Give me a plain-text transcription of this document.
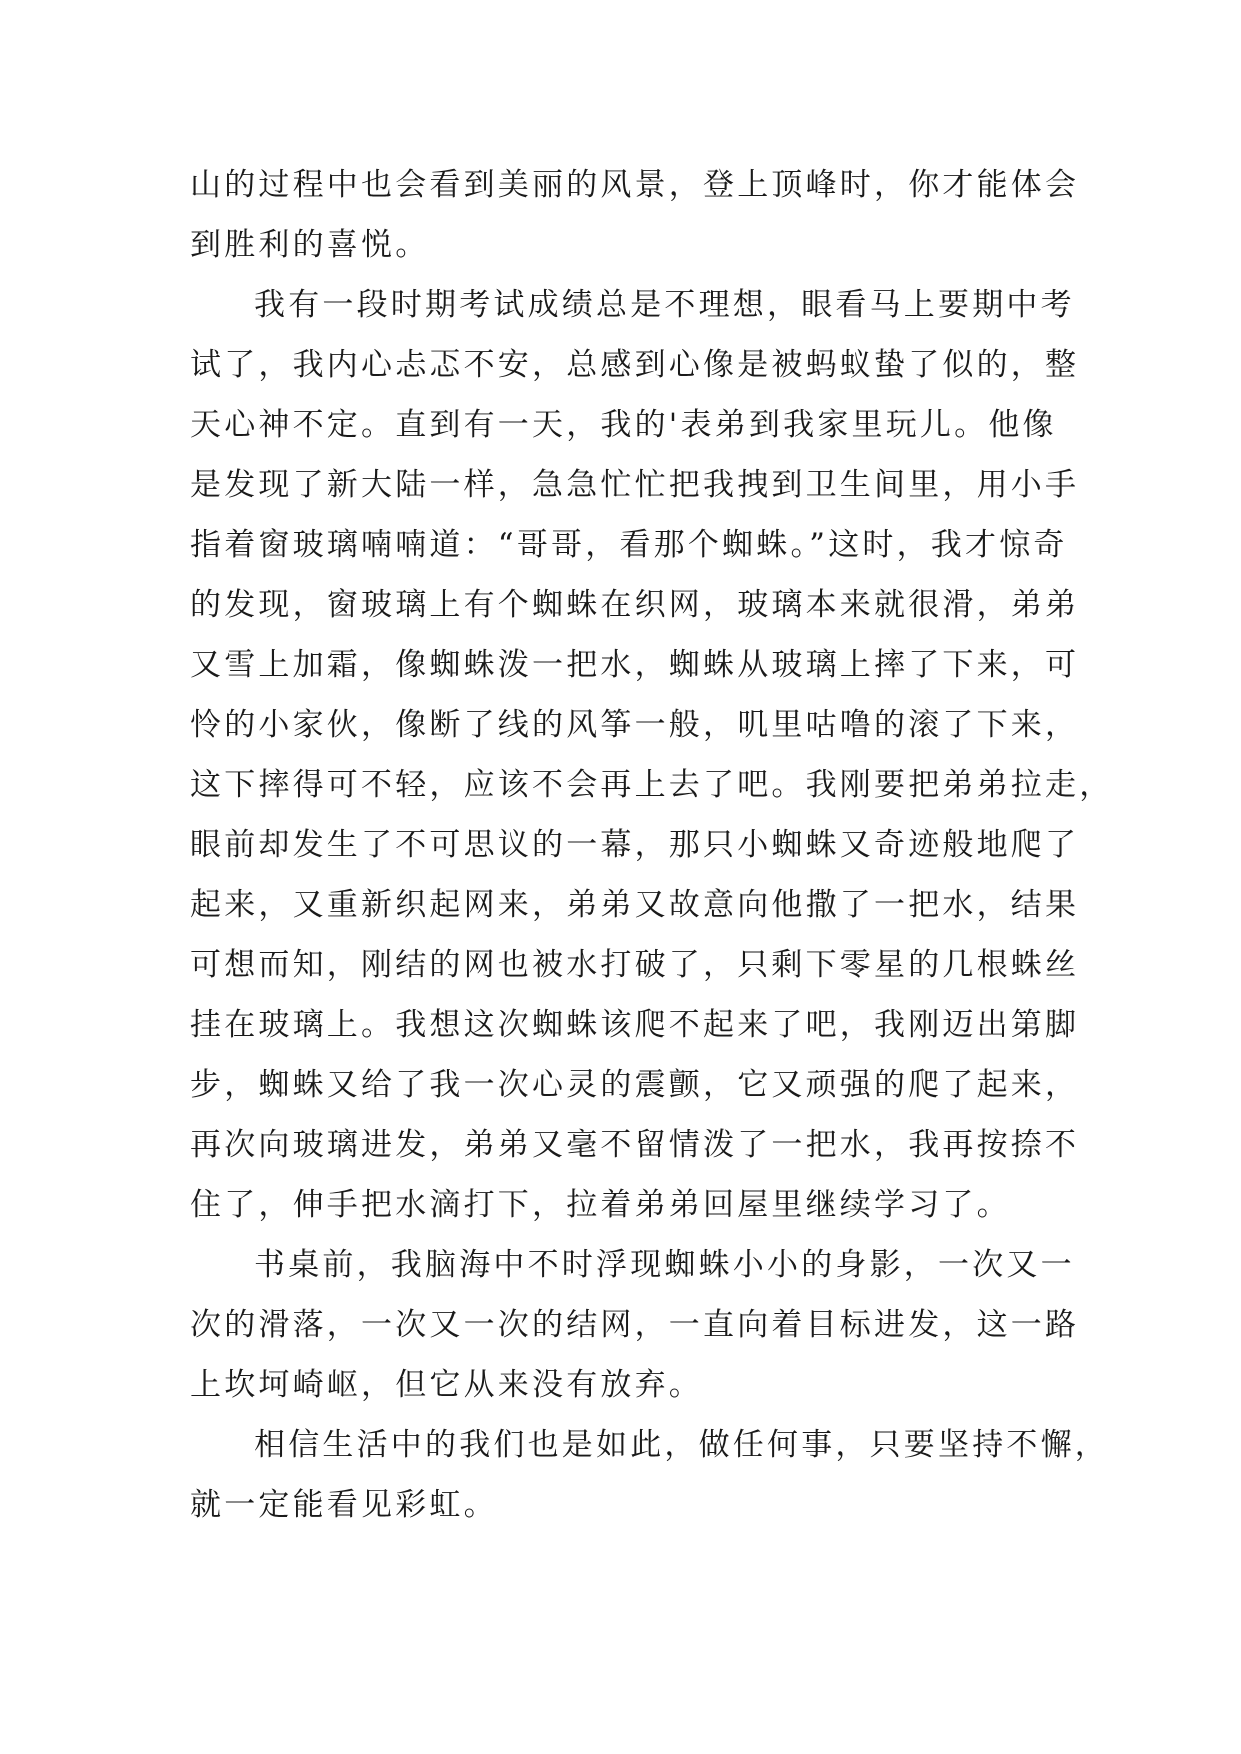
山的过程中也会看到美丽的风景，登上顶峰时，你才能体会
到胜利的喜悦。
我有一段时期考试成绩总是不理想，眼看马上要期中考
试了，我内心忐忑不安，总感到心像是被蚂蚁蛰了似的，整
天心神不定。直到有一天，我的'表弟到我家里玩儿。他像
是发现了新大陆一样，急急忙忙把我拽到卫生间里，用小手
指着窗玻璃喃喃道：“哥哥，看那个蜘蛛。”这时，我才惊奇
的发现，窗玻璃上有个蜘蛛在织网，玻璃本来就很滑，弟弟
又雪上加霜，像蜘蛛泼一把水，蜘蛛从玻璃上摔了下来，可
怜的小家伙，像断了线的风筝一般，叽里咕噜的滚了下来，
这下摔得可不轻，应该不会再上去了吧。我刚要把弟弟拉走，
眼前却发生了不可思议的一幕，那只小蜘蛛又奇迹般地爬了
起来，又重新织起网来，弟弟又故意向他撒了一把水，结果
可想而知，刚结的网也被水打破了，只剩下零星的几根蛛丝
挂在玻璃上。我想这次蜘蛛该爬不起来了吧，我刚迈出第脚
步，蜘蛛又给了我一次心灵的震颤，它又顽强的爬了起来，
再次向玻璃进发，弟弟又毫不留情泼了一把水，我再按捺不
住了，伸手把水滴打下，拉着弟弟回屋里继续学习了。
书桌前，我脑海中不时浮现蜘蛛小小的身影，一次又一
次的滑落，一次又一次的结网，一直向着目标进发，这一路
上坎坷崎岖，但它从来没有放弃。
相信生活中的我们也是如此，做任何事，只要坚持不懈，
就一定能看见彩虹。
